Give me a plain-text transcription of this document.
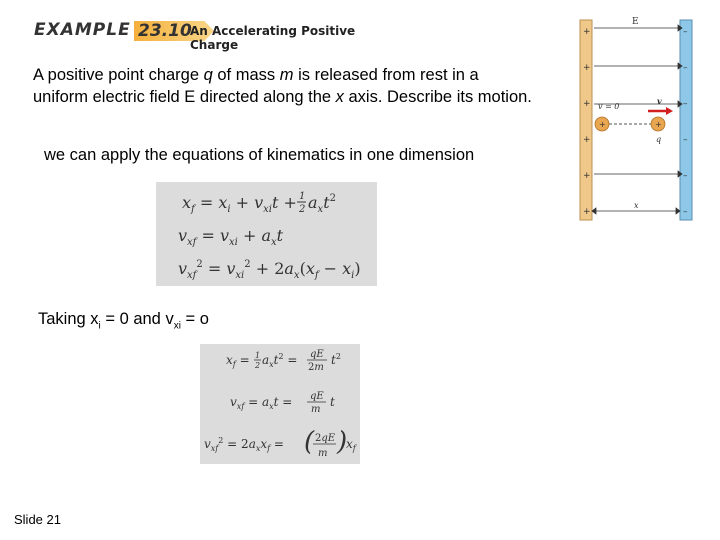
EXAMPLE 23.10
An Accelerating Positive Charge
A positive point charge q of mass m is released from rest in a uniform electric field E directed along the x axis. Describe its motion.
we can apply the equations of kinematics in one dimension
$x_f = x_i + v_{xi}t + 1$
2 $a_xt^2$
$v_{xf} = v_{xi} + a_xt$
$v_{xf}^2 = v_{xi}^2 + 2a_x(x_f - x_i)$
Taking $x_i = 0$ and $v_{xi} = o$
$x_f = 1$
2 $a_xt^2$ = qE
2m
$t^2$
$v_{xf} = a_xt$ = qE
m
t
$v_{xf}^2 = 2a_xx_f$ = ( 2qE
m )
$x_f$
+
+
+
+
+
+
–
–
–
–
–
–
E
v = 0
+	+
v
q
x
Slide 21
